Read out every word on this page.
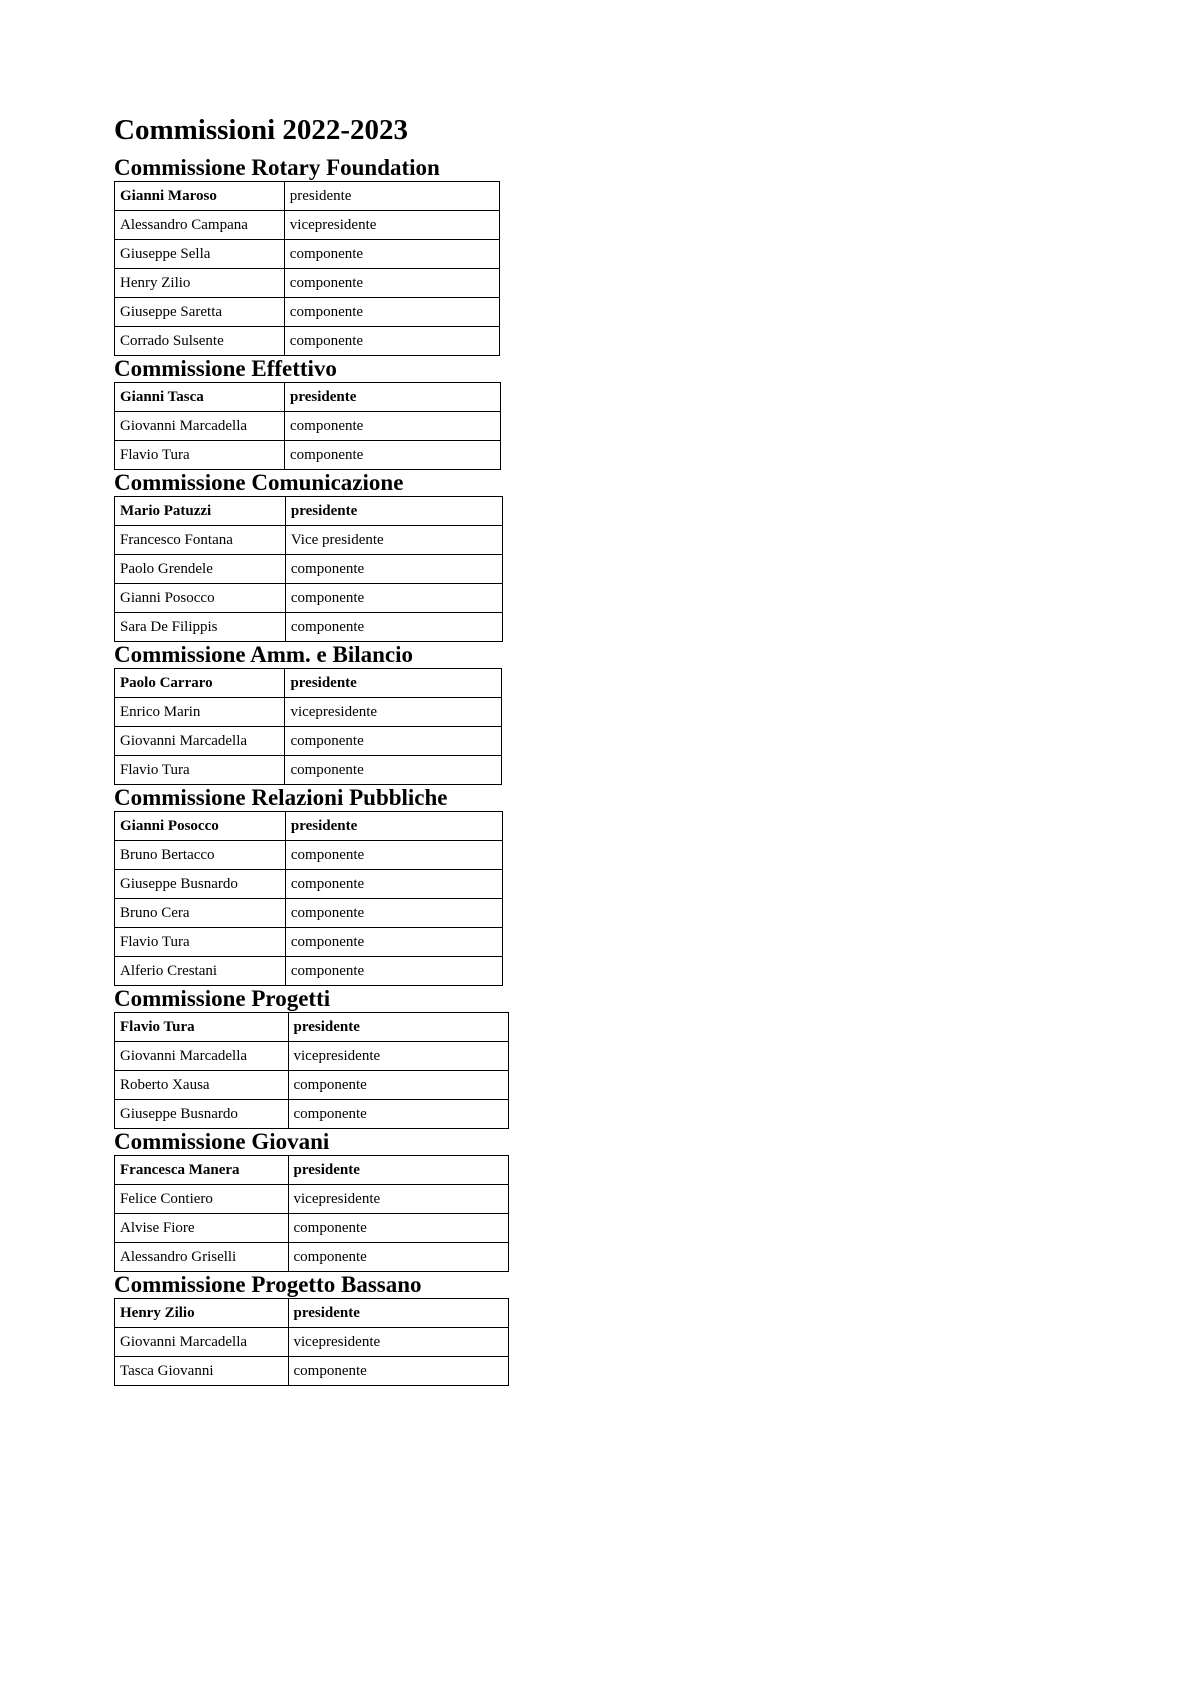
Commissioni 2022-2023
Commissione Rotary Foundation
Gianni Maroso	presidente
Alessandro Campana	vicepresidente
Giuseppe Sella	componente
Henry Zilio	componente
Giuseppe Saretta	componente
Corrado Sulsente	componente
Commissione Effettivo
Gianni Tasca	presidente
Giovanni Marcadella	componente
Flavio Tura	componente
Commissione Comunicazione
Mario Patuzzi	presidente
Francesco Fontana	Vice presidente
Paolo Grendele	componente
Gianni Posocco	componente
Sara De Filippis	componente
Commissione Amm. e Bilancio
Paolo Carraro	presidente
Enrico Marin	vicepresidente
Giovanni Marcadella	componente
Flavio Tura	componente
Commissione Relazioni Pubbliche
Gianni Posocco	presidente
Bruno Bertacco	componente
Giuseppe Busnardo	componente
Bruno Cera	componente
Flavio Tura	componente
Alferio Crestani	componente
Commissione Progetti
Flavio Tura	presidente
Giovanni Marcadella	vicepresidente
Roberto Xausa	componente
Giuseppe Busnardo	componente
Commissione Giovani
Francesca Manera	presidente
Felice Contiero	vicepresidente
Alvise Fiore	componente
Alessandro Griselli	componente
Commissione Progetto Bassano
Henry Zilio	presidente
Giovanni Marcadella	vicepresidente
Tasca Giovanni	componente
